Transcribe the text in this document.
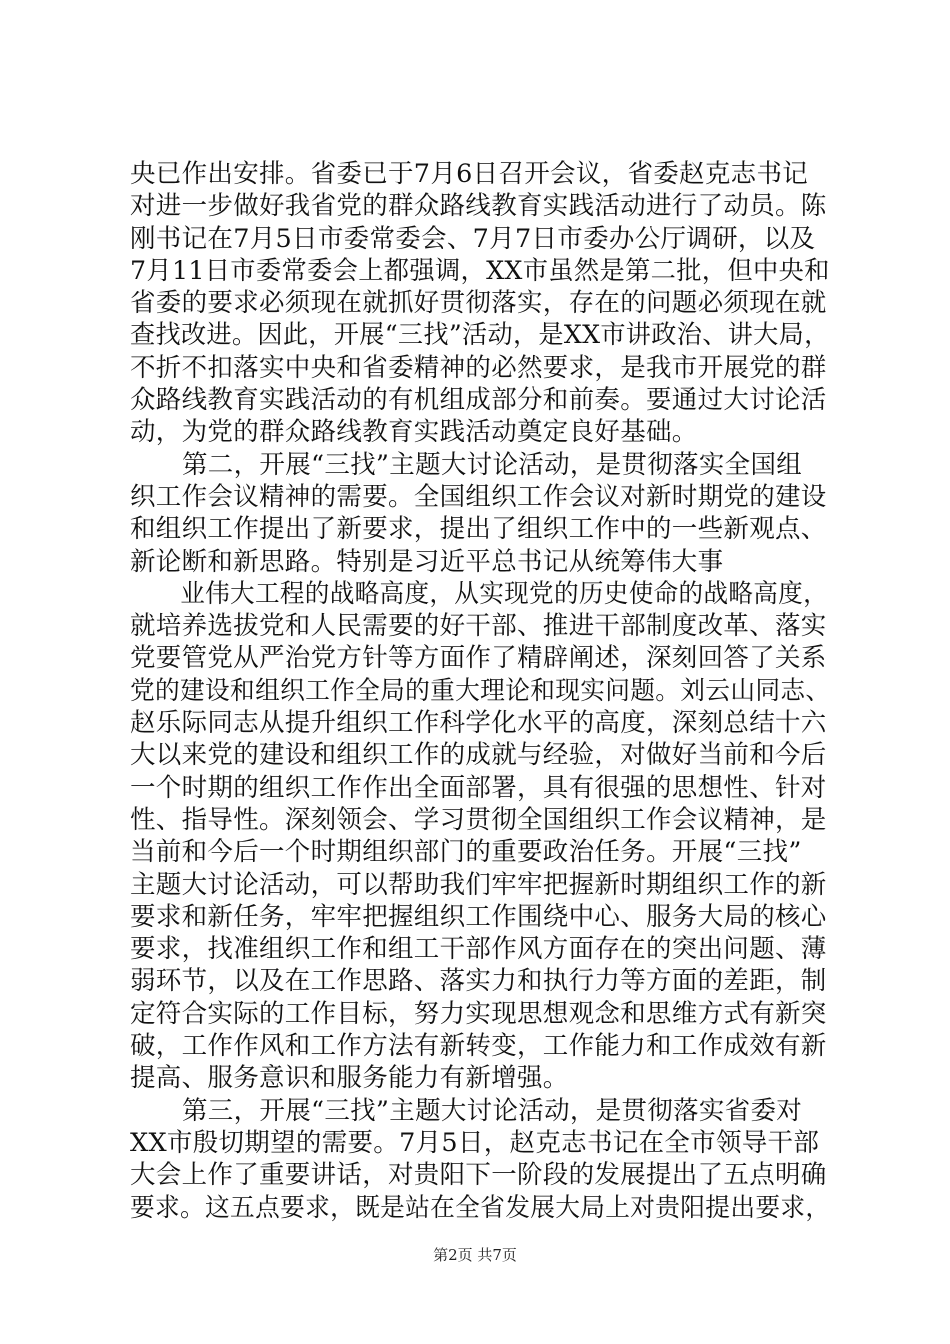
央已作出安排。省委已于7月6日召开会议，省委赵克志书记
对进一步做好我省党的群众路线教育实践活动进行了动员。陈
刚书记在7月5日市委常委会、7月7日市委办公厅调研，以及
7月11日市委常委会上都强调，XX市虽然是第二批，但中央和
省委的要求必须现在就抓好贯彻落实，存在的问题必须现在就
查找改进。因此，开展“三找”活动，是XX市讲政治、讲大局，
不折不扣落实中央和省委精神的必然要求，是我市开展党的群
众路线教育实践活动的有机组成部分和前奏。要通过大讨论活
动，为党的群众路线教育实践活动奠定良好基础。
第二，开展“三找”主题大讨论活动，是贯彻落实全国组
织工作会议精神的需要。全国组织工作会议对新时期党的建设
和组织工作提出了新要求，提出了组织工作中的一些新观点、
新论断和新思路。特别是习近平总书记从统筹伟大事
业伟大工程的战略高度，从实现党的历史使命的战略高度，
就培养选拔党和人民需要的好干部、推进干部制度改革、落实
党要管党从严治党方针等方面作了精辟阐述，深刻回答了关系
党的建设和组织工作全局的重大理论和现实问题。刘云山同志、
赵乐际同志从提升组织工作科学化水平的高度，深刻总结十六
大以来党的建设和组织工作的成就与经验，对做好当前和今后
一个时期的组织工作作出全面部署，具有很强的思想性、针对
性、指导性。深刻领会、学习贯彻全国组织工作会议精神，是
当前和今后一个时期组织部门的重要政治任务。开展“三找”
主题大讨论活动，可以帮助我们牢牢把握新时期组织工作的新
要求和新任务，牢牢把握组织工作围绕中心、服务大局的核心
要求，找准组织工作和组工干部作风方面存在的突出问题、薄
弱环节，以及在工作思路、落实力和执行力等方面的差距，制
定符合实际的工作目标，努力实现思想观念和思维方式有新突
破，工作作风和工作方法有新转变，工作能力和工作成效有新
提高、服务意识和服务能力有新增强。
第三，开展“三找”主题大讨论活动，是贯彻落实省委对
XX市殷切期望的需要。7月5日，赵克志书记在全市领导干部
大会上作了重要讲话，对贵阳下一阶段的发展提出了五点明确
要求。这五点要求，既是站在全省发展大局上对贵阳提出要求，
第2页 共7页
